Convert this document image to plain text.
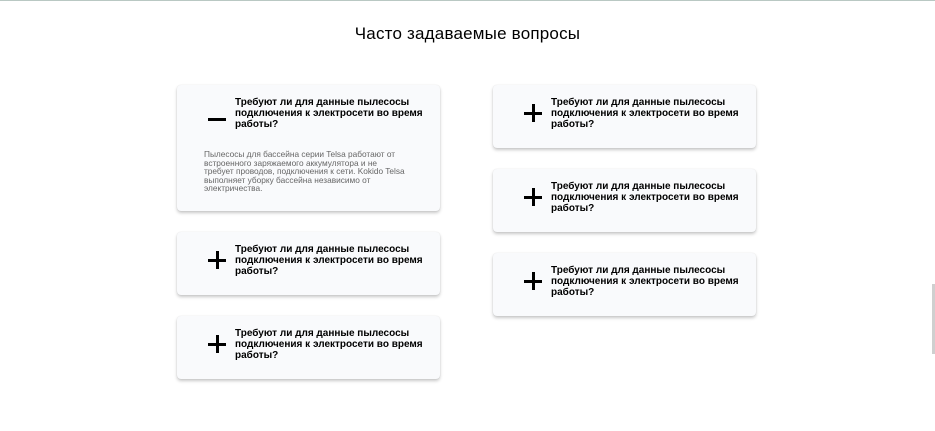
Часто задаваемые вопросы

Требуют ли для данные пылесосы подключения к электросети во время работы?

Пылесосы для бассейна серии Telsa работают от встроенного заряжаемого аккумулятора и не требует проводов, подключения к сети. Kokido Telsa выполняет уборку бассейна независимо от электричества.

Требуют ли для данные пылесосы подключения к электросети во время работы?

Требуют ли для данные пылесосы подключения к электросети во время работы?

Требуют ли для данные пылесосы подключения к электросети во время работы?

Требуют ли для данные пылесосы подключения к электросети во время работы?

Требуют ли для данные пылесосы подключения к электросети во время работы?
